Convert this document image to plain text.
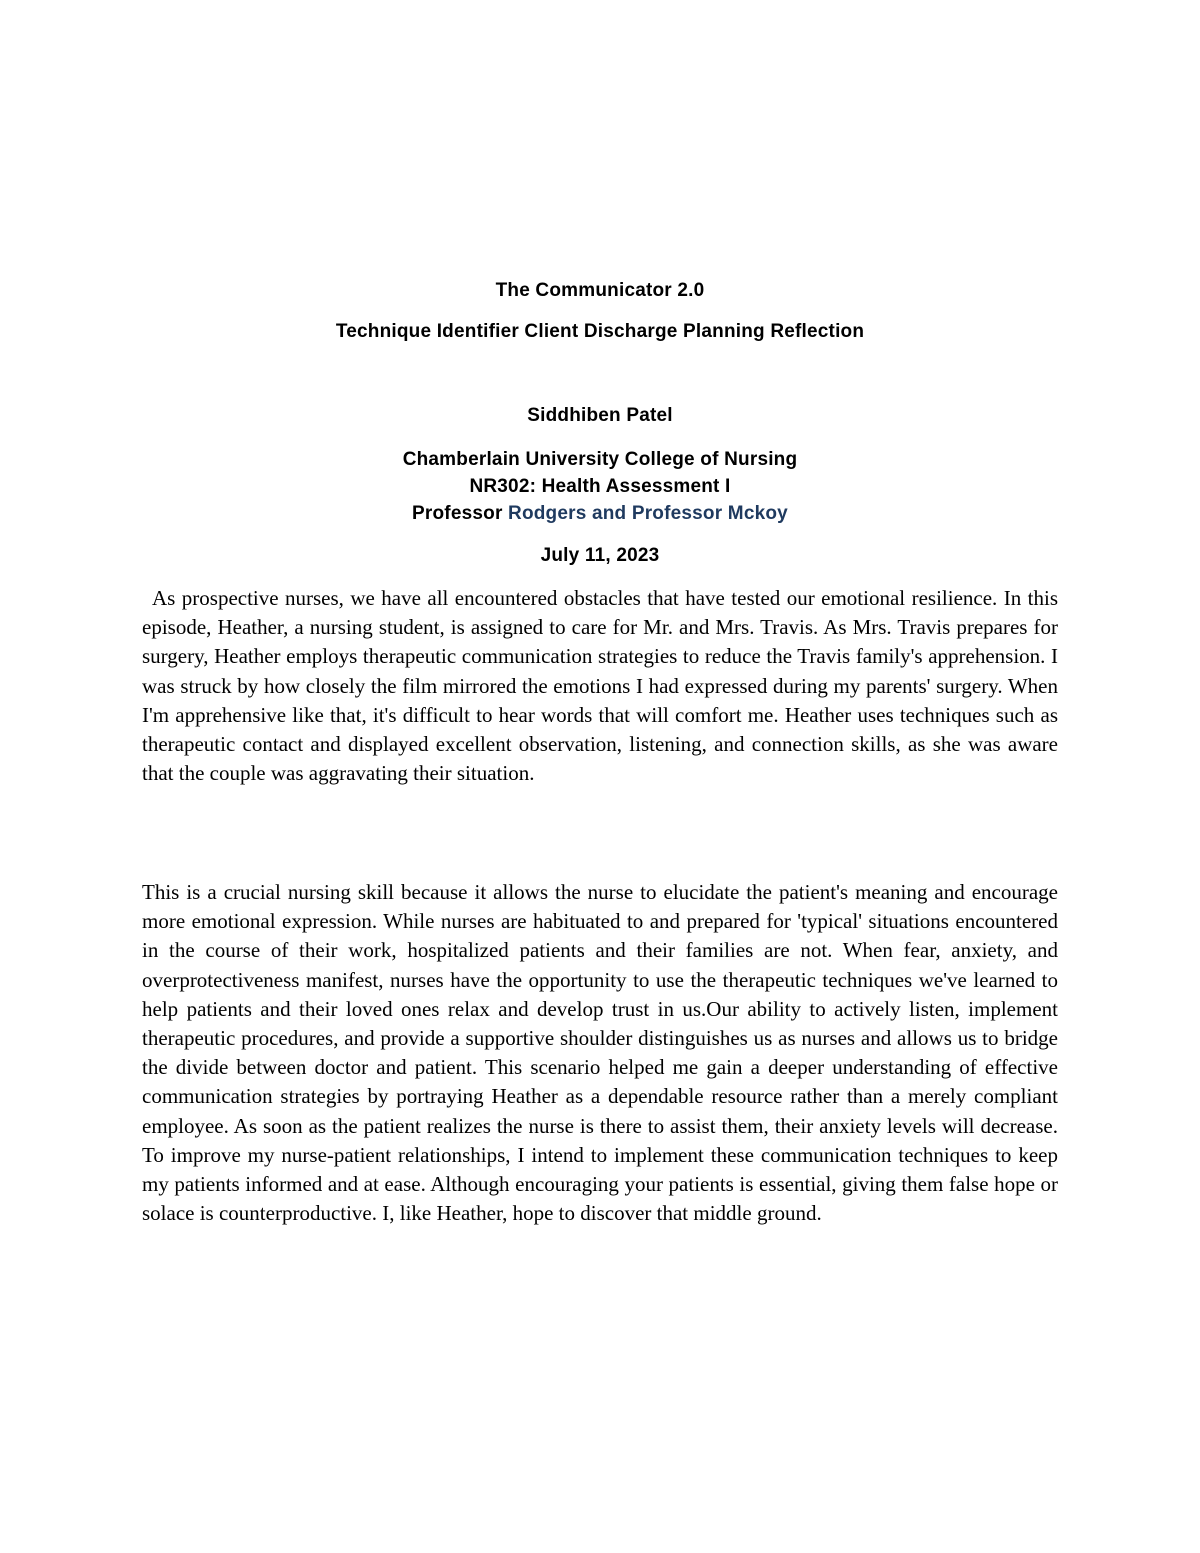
The Communicator 2.0

Technique Identifier Client Discharge Planning Reflection

Siddhiben Patel

Chamberlain University College of Nursing

NR302: Health Assessment I

Professor Rodgers and Professor Mckoy

July 11, 2023

As prospective nurses, we have all encountered obstacles that have tested our emotional resilience. In this episode, Heather, a nursing student, is assigned to care for Mr. and Mrs. Travis. As Mrs. Travis prepares for surgery, Heather employs therapeutic communication strategies to reduce the Travis family's apprehension. I was struck by how closely the film mirrored the emotions I had expressed during my parents' surgery. When I'm apprehensive like that, it's difficult to hear words that will comfort me. Heather uses techniques such as therapeutic contact and displayed excellent observation, listening, and connection skills, as she was aware that the couple was aggravating their situation.

This is a crucial nursing skill because it allows the nurse to elucidate the patient's meaning and encourage more emotional expression. While nurses are habituated to and prepared for 'typical' situations encountered in the course of their work, hospitalized patients and their families are not. When fear, anxiety, and overprotectiveness manifest, nurses have the opportunity to use the therapeutic techniques we've learned to help patients and their loved ones relax and develop trust in us.Our ability to actively listen, implement therapeutic procedures, and provide a supportive shoulder distinguishes us as nurses and allows us to bridge the divide between doctor and patient. This scenario helped me gain a deeper understanding of effective communication strategies by portraying Heather as a dependable resource rather than a merely compliant employee. As soon as the patient realizes the nurse is there to assist them, their anxiety levels will decrease. To improve my nurse-patient relationships, I intend to implement these communication techniques to keep my patients informed and at ease. Although encouraging your patients is essential, giving them false hope or solace is counterproductive. I, like Heather, hope to discover that middle ground.
